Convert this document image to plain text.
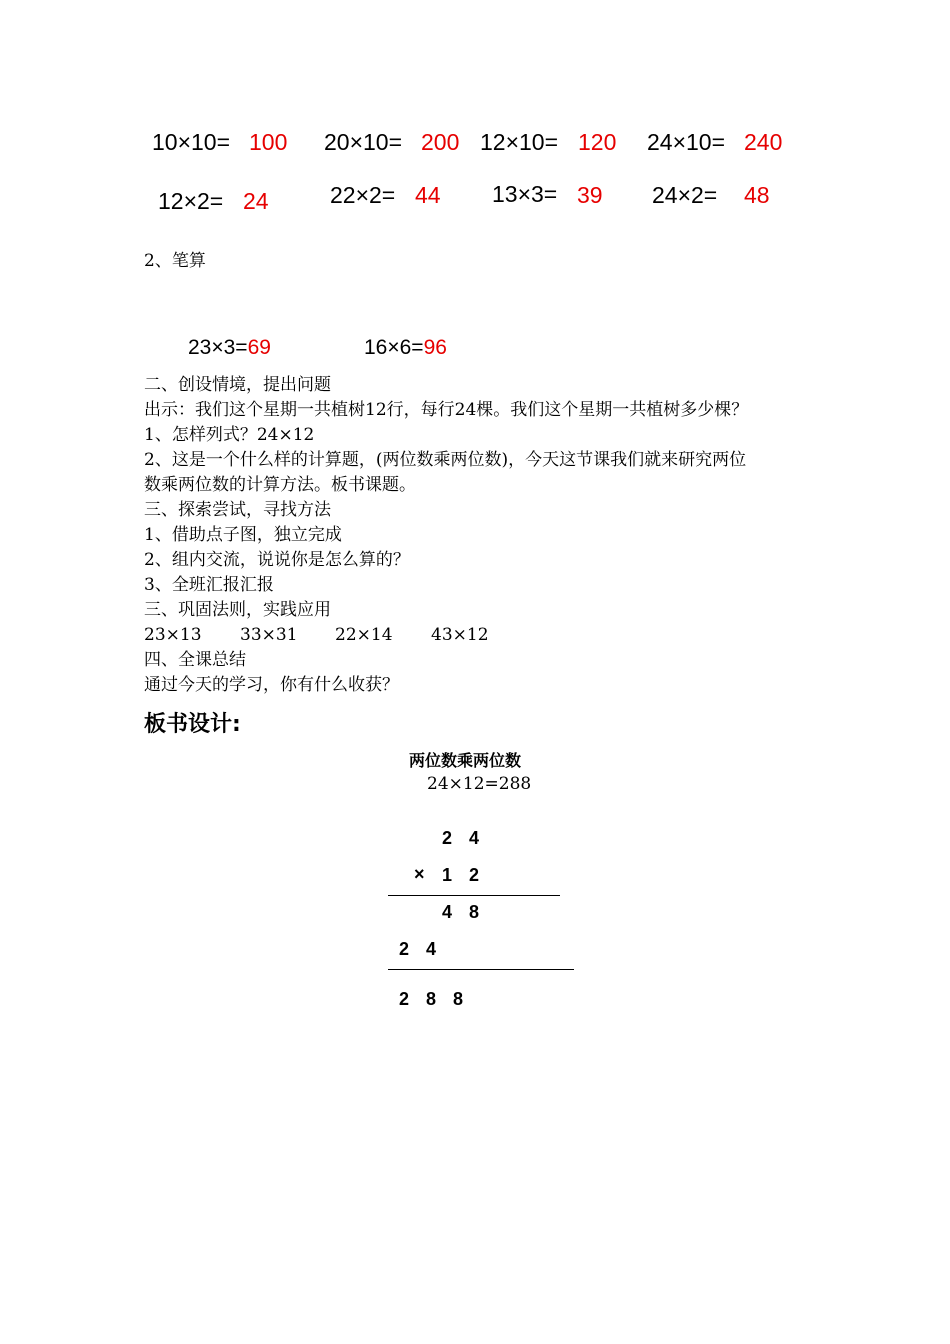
10×10= 100 20×10= 200 12×10= 120 24×10= 240
12×2= 24	22×2= 44 13×3= 39 24×2= 48
2、笔算
23×3=69	16×6=96
二、创设情境，提出问题
出示：我们这个星期一共植树12行，每行24棵。我们这个星期一共植树多少棵？
1、怎样列式？24×12
2、这是一个什么样的计算题，(两位数乘两位数)，今天这节课我们就来研究两位
数乘两位数的计算方法。板书课题。
三、探索尝试，寻找方法
1、借助点子图，独立完成
2、组内交流，说说你是怎么算的？
3、全班汇报汇报
三、巩固法则，实践应用
23×13 33×31 22×14 43×12
四、全课总结
通过今天的学习，你有什么收获？
板书设计:
两位数乘两位数
24×12=288
2 4
× 1 2
4 8
2 4
2 8 8
